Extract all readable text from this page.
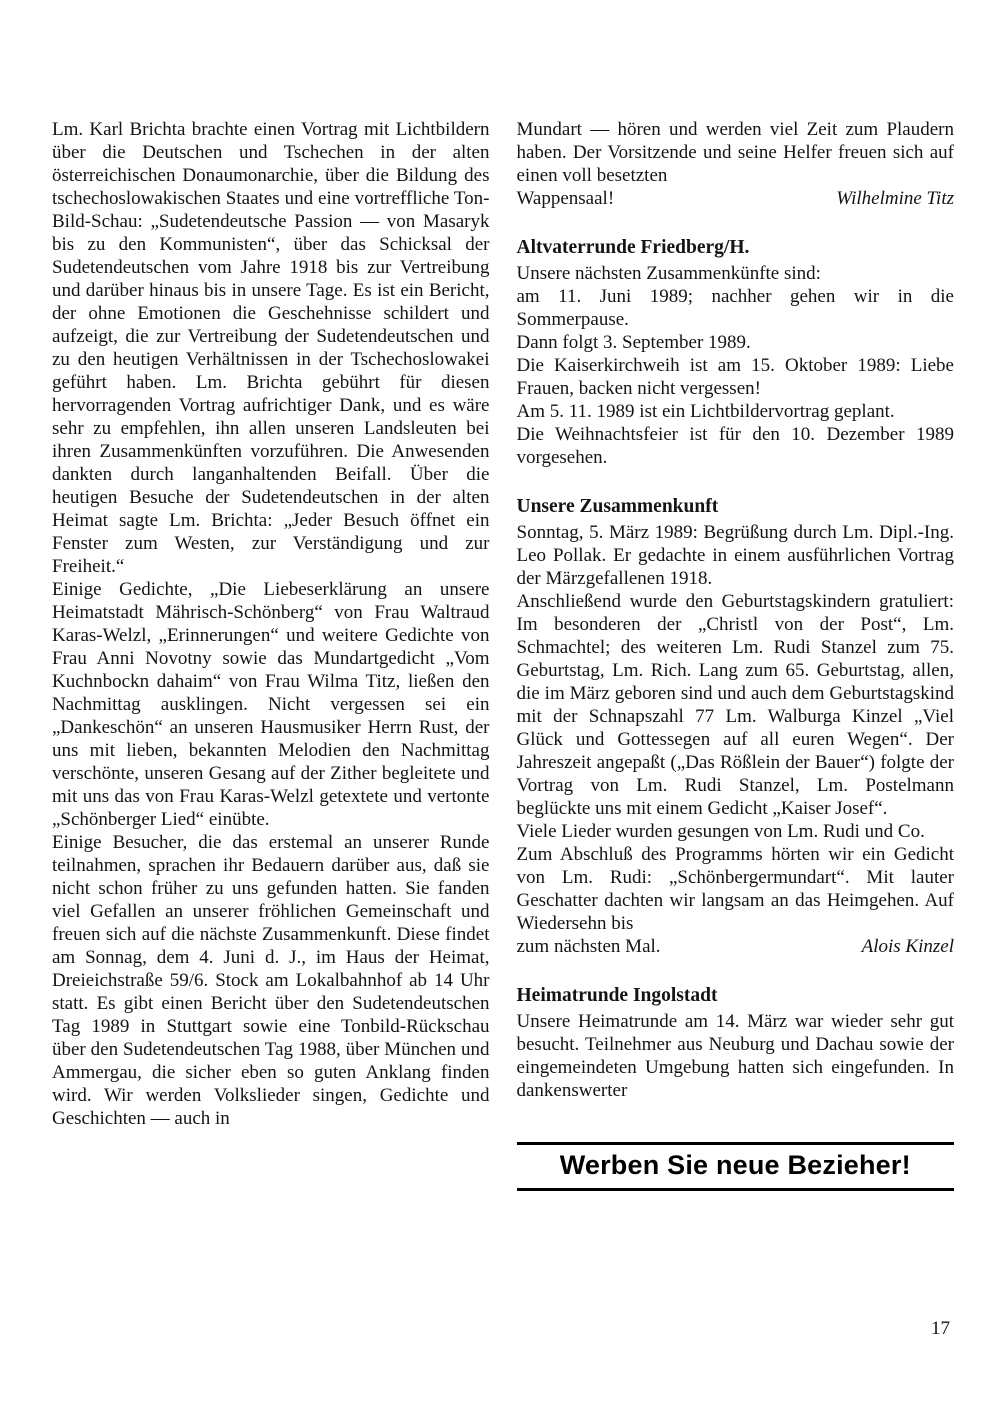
Lm. Karl Brichta brachte einen Vortrag mit Lichtbildern über die Deutschen und Tschechen in der alten österreichischen Donaumonarchie, über die Bildung des tschechoslowakischen Staates und eine vortreffliche Ton-Bild-Schau: „Sudetendeutsche Passion — von Masaryk bis zu den Kommunisten“, über das Schicksal der Sudetendeutschen vom Jahre 1918 bis zur Vertreibung und darüber hinaus bis in unsere Tage. Es ist ein Bericht, der ohne Emotionen die Geschehnisse schildert und aufzeigt, die zur Vertreibung der Sudetendeutschen und zu den heutigen Verhältnissen in der Tschechoslowakei geführt haben. Lm. Brichta gebührt für diesen hervorragenden Vortrag aufrichtiger Dank, und es wäre sehr zu empfehlen, ihn allen unseren Landsleuten bei ihren Zusammenkünften vorzuführen. Die Anwesenden dankten durch langanhaltenden Beifall. Über die heutigen Besuche der Sudetendeutschen in der alten Heimat sagte Lm. Brichta: „Jeder Besuch öffnet ein Fenster zum Westen, zur Verständigung und zur Freiheit.“

Einige Gedichte, „Die Liebeserklärung an unsere Heimatstadt Mährisch-Schönberg“ von Frau Waltraud Karas-Welzl, „Erinnerungen“ und weitere Gedichte von Frau Anni Novotny sowie das Mundartgedicht „Vom Kuchnbockn dahaim“ von Frau Wilma Titz, ließen den Nachmittag ausklingen. Nicht vergessen sei ein „Dankeschön“ an unseren Hausmusiker Herrn Rust, der uns mit lieben, bekannten Melodien den Nachmittag verschönte, unseren Gesang auf der Zither begleitete und mit uns das von Frau Karas-Welzl getextete und vertonte „Schönberger Lied“ einübte.

Einige Besucher, die das erstemal an unserer Runde teilnahmen, sprachen ihr Bedauern darüber aus, daß sie nicht schon früher zu uns gefunden hatten. Sie fanden viel Gefallen an unserer fröhlichen Gemeinschaft und freuen sich auf die nächste Zusammenkunft. Diese findet am Sonnag, dem 4. Juni d. J., im Haus der Heimat, Dreieichstraße 59/6. Stock am Lokalbahnhof ab 14 Uhr statt. Es gibt einen Bericht über den Sudetendeutschen Tag 1989 in Stuttgart sowie eine Tonbild-Rückschau über den Sudetendeutschen Tag 1988, über München und Ammergau, die sicher eben so guten Anklang finden wird. Wir werden Volkslieder singen, Gedichte und Geschichten — auch in

Mundart — hören und werden viel Zeit zum Plaudern haben. Der Vorsitzende und seine Helfer freuen sich auf einen voll besetzten

Wappensaal!	Wilhelmine Titz
Altvaterrunde Friedberg/H.

Unsere nächsten Zusammenkünfte sind:

am 11. Juni 1989; nachher gehen wir in die Sommerpause.

Dann folgt 3. September 1989.

Die Kaiserkirchweih ist am 15. Oktober 1989: Liebe Frauen, backen nicht vergessen!

Am 5. 11. 1989 ist ein Lichtbildervortrag geplant.

Die Weihnachtsfeier ist für den 10. Dezember 1989 vorgesehen.

Unsere Zusammenkunft

Sonntag, 5. März 1989: Begrüßung durch Lm. Dipl.-Ing. Leo Pollak. Er gedachte in einem ausführlichen Vortrag der Märzgefallenen 1918.

Anschließend wurde den Geburtstagskindern gratuliert: Im besonderen der „Christl von der Post“, Lm. Schmachtel; des weiteren Lm. Rudi Stanzel zum 75. Geburtstag, Lm. Rich. Lang zum 65. Geburtstag, allen, die im März geboren sind und auch dem Geburtstagskind mit der Schnapszahl 77 Lm. Walburga Kinzel „Viel Glück und Gottessegen auf all euren Wegen“. Der Jahreszeit angepaßt („Das Rößlein der Bauer“) folgte der Vortrag von Lm. Rudi Stanzel, Lm. Postelmann beglückte uns mit einem Gedicht „Kaiser Josef“.

Viele Lieder wurden gesungen von Lm. Rudi und Co.

Zum Abschluß des Programms hörten wir ein Gedicht von Lm. Rudi: „Schönbergermundart“. Mit lauter Geschatter dachten wir langsam an das Heimgehen. Auf Wiedersehn bis

zum nächsten Mal.	Alois Kinzel
Heimatrunde Ingolstadt

Unsere Heimatrunde am 14. März war wieder sehr gut besucht. Teilnehmer aus Neuburg und Dachau sowie der eingemeindeten Umgebung hatten sich eingefunden. In dankenswerter

Werben Sie neue Bezieher!
17
